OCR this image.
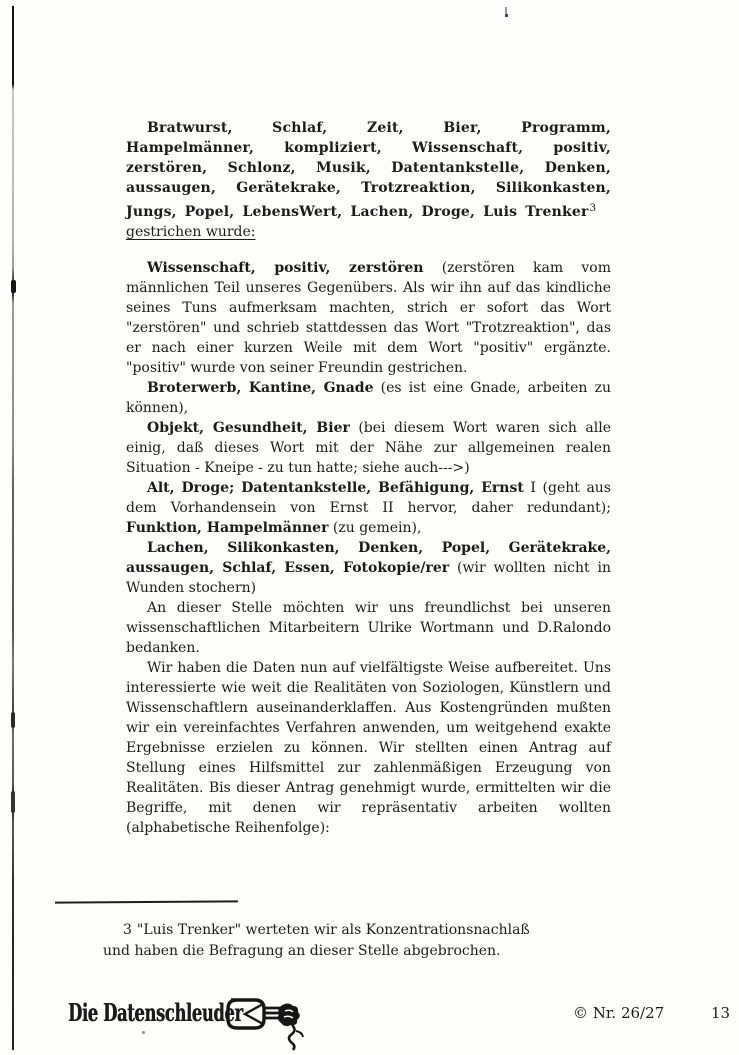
Bratwurst, Schlaf, Zeit, Bier, Programm, Hampelmänner, kompliziert, Wissenschaft, positiv, zerstören, Schlonz, Musik, Datentankstelle, Denken, aussaugen, Gerätekrake, Trotzreaktion, Silikonkasten, Jungs, Popel, LebensWert, Lachen, Droge, Luis Trenker$^3$

gestrichen wurde:

Wissenschaft, positiv, zerstören (zerstören kam vom männlichen Teil unseres Gegenübers. Als wir ihn auf das kindliche seines Tuns aufmerksam machten, strich er sofort das Wort "zerstören" und schrieb stattdessen das Wort "Trotzreaktion", das er nach einer kurzen Weile mit dem Wort "positiv" ergänzte. "positiv" wurde von seiner Freundin gestrichen.

Broterwerb, Kantine, Gnade (es ist eine Gnade, arbeiten zu können),

Objekt, Gesundheit, Bier (bei diesem Wort waren sich alle einig, daß dieses Wort mit der Nähe zur allgemeinen realen Situation - Kneipe - zu tun hatte; siehe auch--->)

Alt, Droge; Datentankstelle, Befähigung, Ernst I (geht aus dem Vorhandensein von Ernst II hervor, daher redundant); Funktion, Hampelmänner (zu gemein),

Lachen, Silikonkasten, Denken, Popel, Gerätekrake, aussaugen, Schlaf, Essen, Fotokopie/rer (wir wollten nicht in Wunden stochern)

An dieser Stelle möchten wir uns freundlichst bei unseren wissenschaftlichen Mitarbeitern Ulrike Wortmann und D.Ralondo bedanken.

Wir haben die Daten nun auf vielfältigste Weise aufbereitet. Uns interessierte wie weit die Realitäten von Soziologen, Künstlern und Wissenschaftlern auseinanderklaffen. Aus Kostengründen mußten wir ein vereinfachtes Verfahren anwenden, um weitgehend exakte Ergebnisse erzielen zu können. Wir stellten einen Antrag auf Stellung eines Hilfsmittel zur zahlenmäßigen Erzeugung von Realitäten. Bis dieser Antrag genehmigt wurde, ermittelten wir die Begriffe, mit denen wir repräsentativ arbeiten wollten (alphabetische Reihenfolge):

3 "Luis Trenker" werteten wir als Konzentrationsnachlaß und haben die Befragung an dieser Stelle abgebrochen.

Die Datenschleuder	© Nr. 26/27	13
